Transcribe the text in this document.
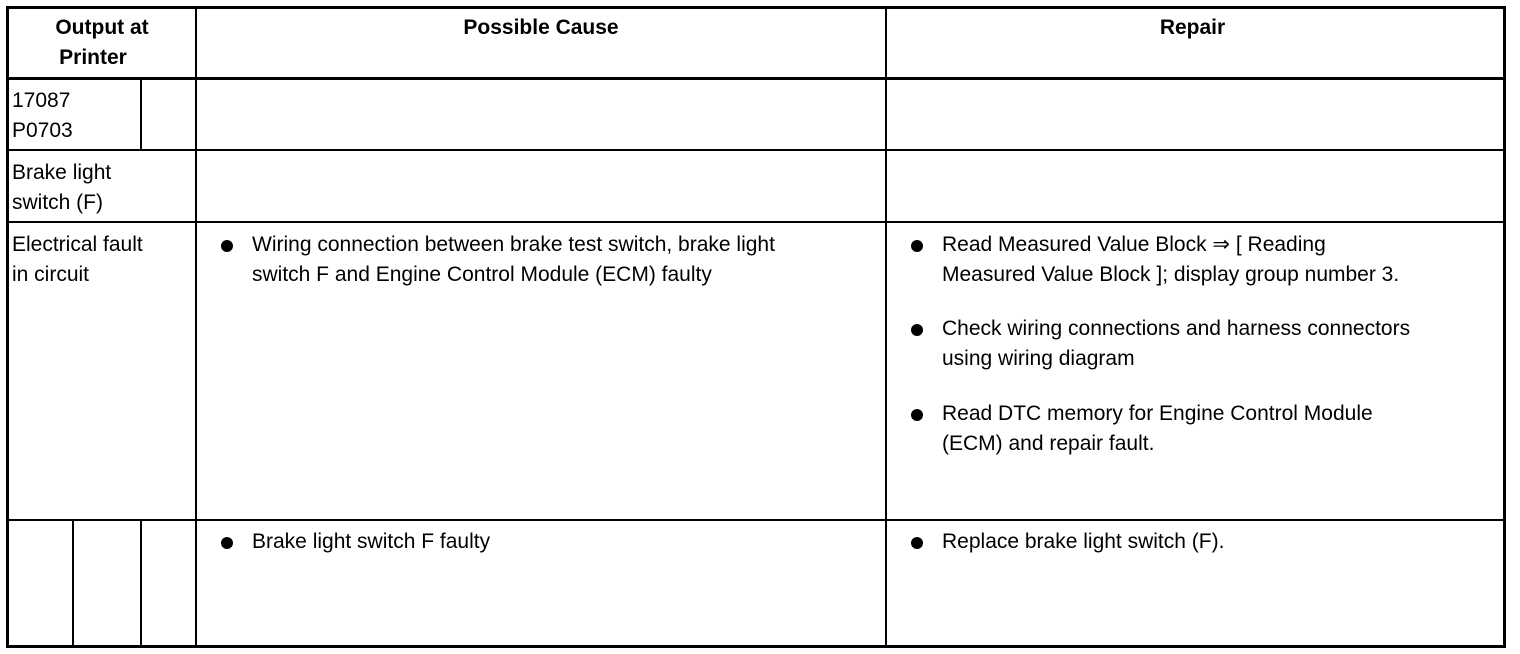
Output at
Printer
Possible Cause	Repair
17087
P0703
Brake light
switch (F)
Electrical fault
in circuit
Wiring connection between brake test switch, brake light
switch F and Engine Control Module (ECM) faulty
Read Measured Value Block ⇒ [ Reading
Measured Value Block ]; display group number 3.
Check wiring connections and harness connectors
using wiring diagram
Read DTC memory for Engine Control Module
(ECM) and repair fault.
Brake light switch F faulty	Replace brake light switch (F).
